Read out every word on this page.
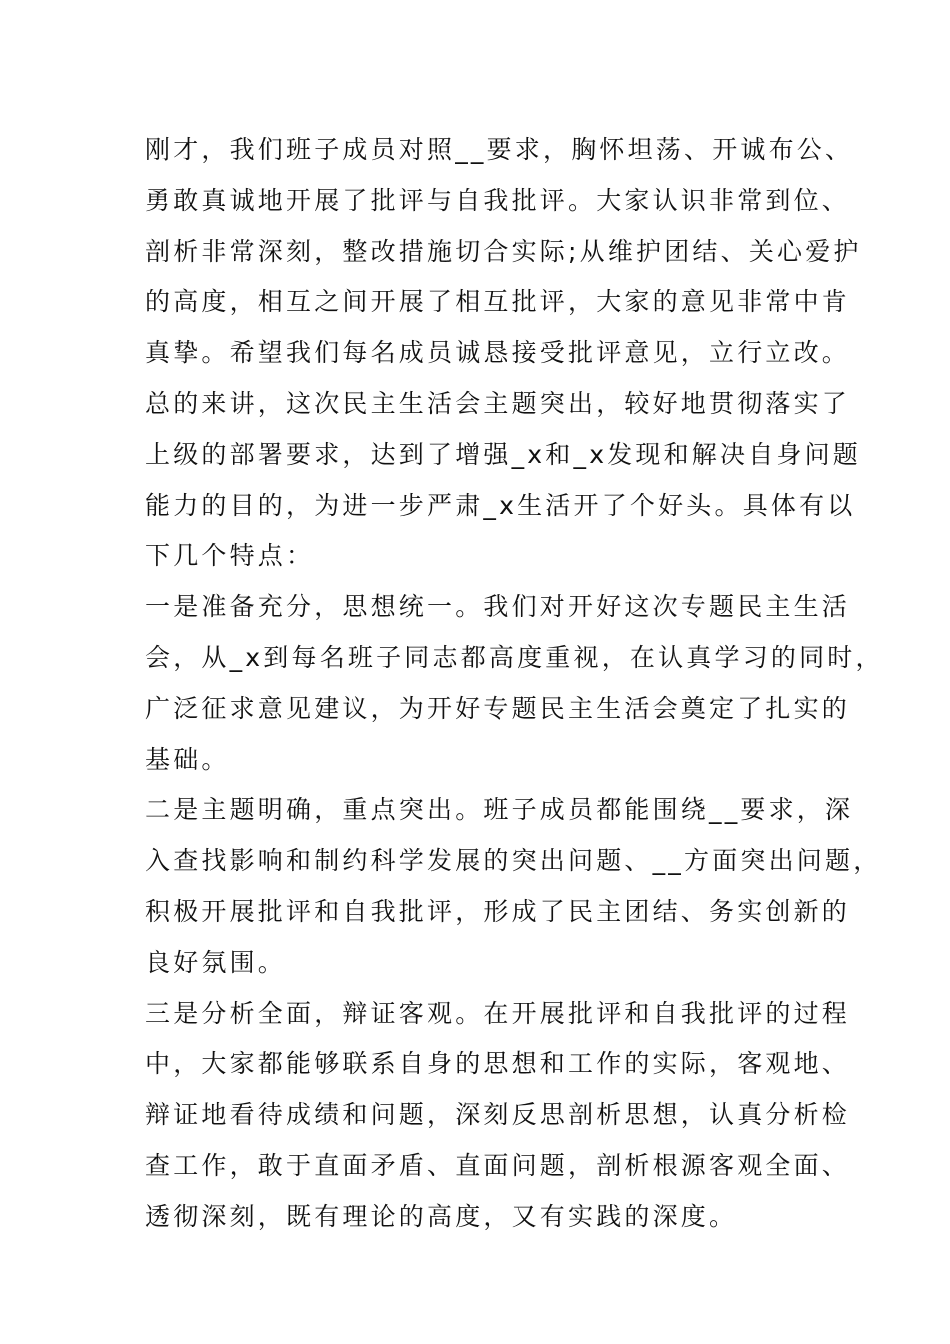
刚才，我们班子成员对照__要求，胸怀坦荡、开诚布公、
勇敢真诚地开展了批评与自我批评。大家认识非常到位、
剖析非常深刻，整改措施切合实际;从维护团结、关心爱护
的高度，相互之间开展了相互批评，大家的意见非常中肯
真挚。希望我们每名成员诚恳接受批评意见，立行立改。
总的来讲，这次民主生活会主题突出，较好地贯彻落实了
上级的部署要求，达到了增强_x和_x发现和解决自身问题
能力的目的，为进一步严肃_x生活开了个好头。具体有以
下几个特点：
一是准备充分，思想统一。我们对开好这次专题民主生活
会，从_x到每名班子同志都高度重视，在认真学习的同时，
广泛征求意见建议，为开好专题民主生活会奠定了扎实的
基础。
二是主题明确，重点突出。班子成员都能围绕__要求，深
入查找影响和制约科学发展的突出问题、__方面突出问题，
积极开展批评和自我批评，形成了民主团结、务实创新的
良好氛围。
三是分析全面，辩证客观。在开展批评和自我批评的过程
中，大家都能够联系自身的思想和工作的实际，客观地、
辩证地看待成绩和问题，深刻反思剖析思想，认真分析检
查工作，敢于直面矛盾、直面问题，剖析根源客观全面、
透彻深刻，既有理论的高度，又有实践的深度。
